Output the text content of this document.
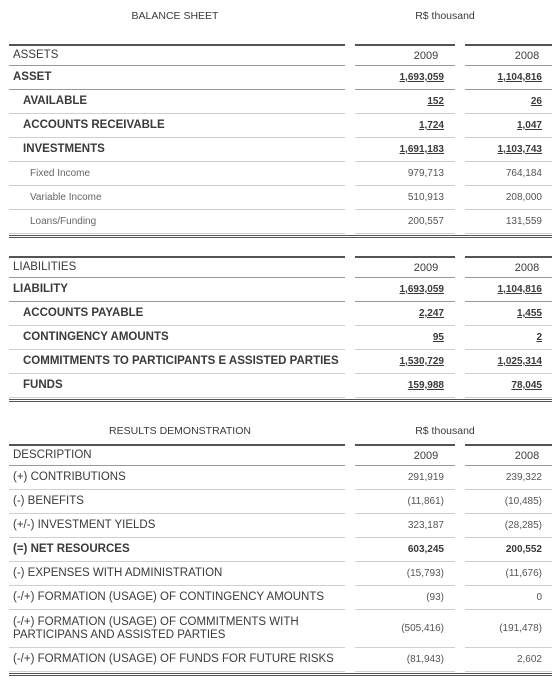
BALANCE SHEET	R$ thousand
ASSETS	2009	2008
ASSET	1,693,059	1,104,816
AVAILABLE	152	26
ACCOUNTS RECEIVABLE	1,724	1,047
INVESTMENTS	1,691,183	1,103,743
Fixed Income	979,713	764,184
Variable Income	510,913	208,000
Loans/Funding	200,557	131,559
LIABILITIES	2009	2008
LIABILITY	1,693,059	1,104,816
ACCOUNTS PAYABLE	2,247	1,455
CONTINGENCY AMOUNTS	95	2
COMMITMENTS TO PARTICIPANTS E ASSISTED PARTIES	1,530,729	1,025,314
FUNDS	159,988	78,045
RESULTS DEMONSTRATION	R$ thousand
DESCRIPTION	2009	2008
(+) CONTRIBUTIONS	291,919	239,322
(-) BENEFITS	(11,861)	(10,485)
(+/-) INVESTMENT YIELDS	323,187	(28,285)
(=) NET RESOURCES	603,245	200,552
(-) EXPENSES WITH ADMINISTRATION	(15,793)	(11,676)
(-/+) FORMATION (USAGE) OF CONTINGENCY AMOUNTS	(93)	0
(-/+) FORMATION (USAGE) OF COMMITMENTS WITH
PARTICIPANS AND ASSISTED PARTIES	(505,416)	(191,478)
(-/+) FORMATION (USAGE) OF FUNDS FOR FUTURE RISKS	(81,943)	2,602
